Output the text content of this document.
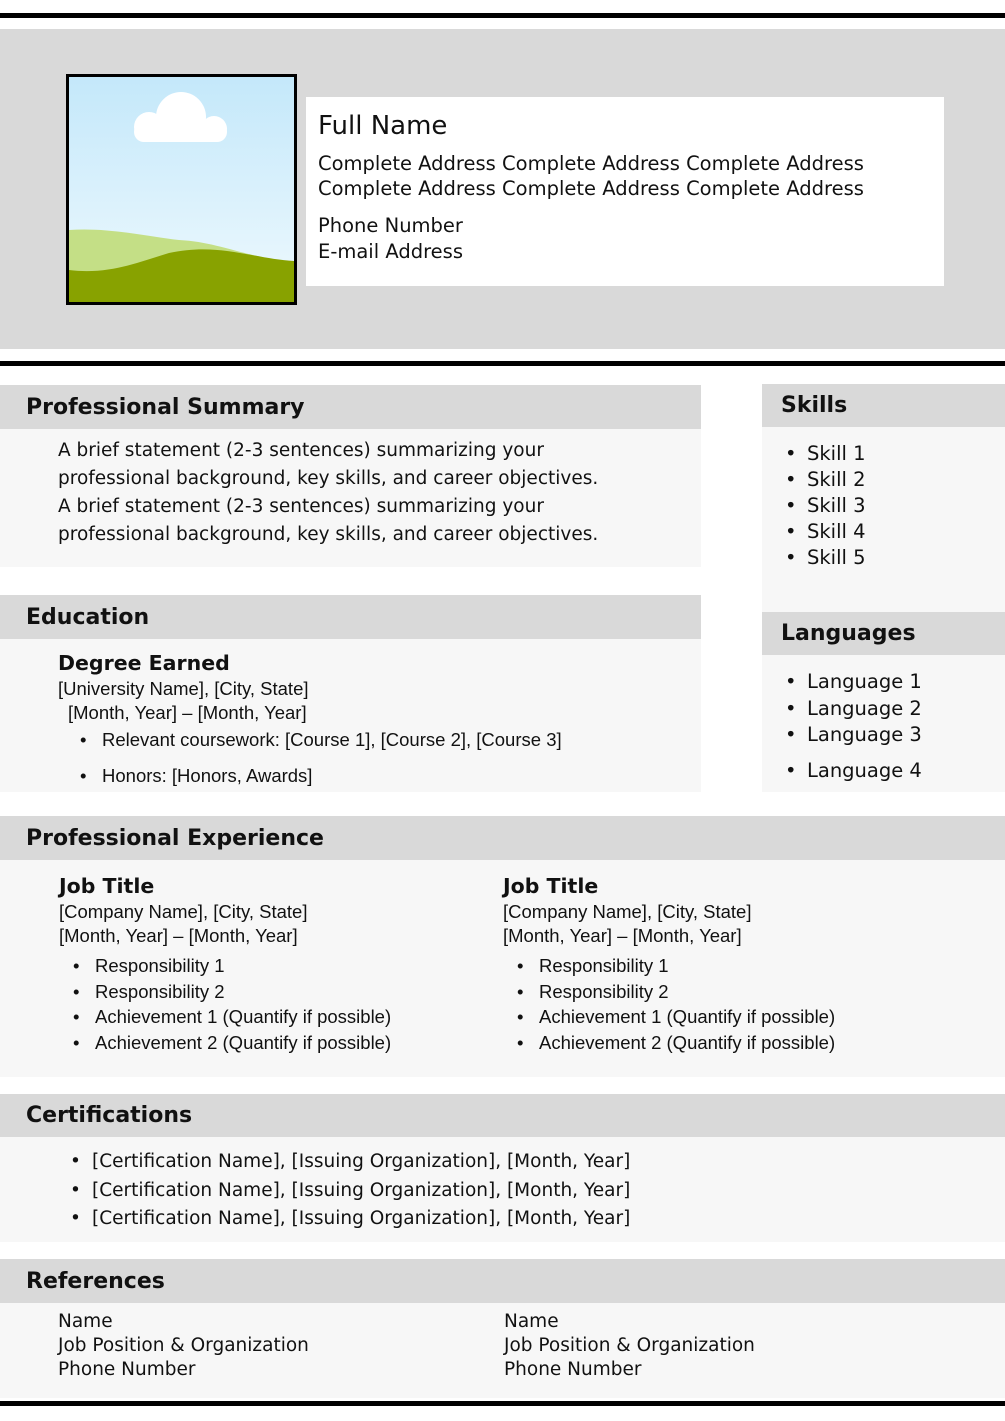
Full Name
Complete Address Complete Address Complete Address
Complete Address Complete Address Complete Address
Phone Number
E-mail Address
Professional Summary
A brief statement (2-3 sentences) summarizing your
professional background, key skills, and career objectives.
A brief statement (2-3 sentences) summarizing your
professional background, key skills, and career objectives.
Skills
• Skill 1
• Skill 2
• Skill 3
• Skill 4
• Skill 5
Languages
• Language 1
• Language 2
• Language 3
• Language 4
Education
Degree Earned
[University Name], [City, State]
[Month, Year] – [Month, Year]
• Relevant coursework: [Course 1], [Course 2], [Course 3]
• Honors: [Honors, Awards]
Professional Experience
Job Title
[Company Name], [City, State]
[Month, Year] – [Month, Year]
• Responsibility 1
• Responsibility 2
• Achievement 1 (Quantify if possible)
• Achievement 2 (Quantify if possible)
Job Title
[Company Name], [City, State]
[Month, Year] – [Month, Year]
• Responsibility 1
• Responsibility 2
• Achievement 1 (Quantify if possible)
• Achievement 2 (Quantify if possible)
Certifications
• [Certification Name], [Issuing Organization], [Month, Year]
• [Certification Name], [Issuing Organization], [Month, Year]
• [Certification Name], [Issuing Organization], [Month, Year]
References
Name
Job Position & Organization
Phone Number
Name
Job Position & Organization
Phone Number
